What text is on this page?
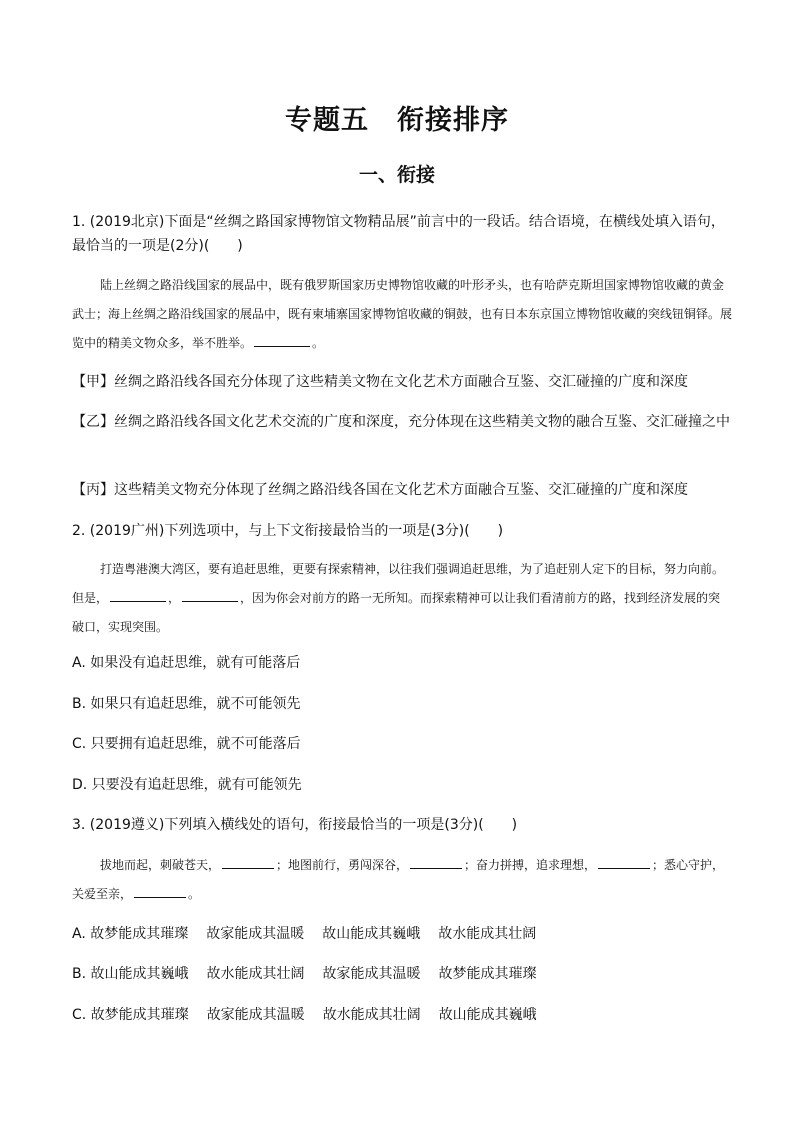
专题五　衔接排序
一、衔接
1. (2019北京)下面是“丝绸之路国家博物馆文物精品展”前言中的一段话。结合语境，在横线处填入语句，最恰当的一项是(2分)(　　)
陆上丝绸之路沿线国家的展品中，既有俄罗斯国家历史博物馆收藏的叶形矛头，也有哈萨克斯坦国家博物馆收藏的黄金武士；海上丝绸之路沿线国家的展品中，既有柬埔寨国家博物馆收藏的铜鼓，也有日本东京国立博物馆收藏的突线钮铜铎。展览中的精美文物众多，举不胜举。	。
【甲】丝绸之路沿线各国充分体现了这些精美文物在文化艺术方面融合互鉴、交汇碰撞的广度和深度
【乙】丝绸之路沿线各国文化艺术交流的广度和深度，充分体现在这些精美文物的融合互鉴、交汇碰撞之中
【丙】这些精美文物充分体现了丝绸之路沿线各国在文化艺术方面融合互鉴、交汇碰撞的广度和深度
2. (2019广州)下列选项中，与上下文衔接最恰当的一项是(3分)(　　)
打造粤港澳大湾区，要有追赶思维，更要有探索精神，以往我们强调追赶思维，为了追赶别人定下的目标，努力向前。但是，	，	，因为你会对前方的路一无所知。而探索精神可以让我们看清前方的路，找到经济发展的突破口，实现突围。
A. 如果没有追赶思维，就有可能落后
B. 如果只有追赶思维，就不可能领先
C. 只要拥有追赶思维，就不可能落后
D. 只要没有追赶思维，就有可能领先
3. (2019遵义)下列填入横线处的语句，衔接最恰当的一项是(3分)(　　)
拔地而起，刺破苍天，	；地图前行，勇闯深谷，	；奋力拼搏，追求理想，	；悉心守护，关爱至亲，	。
A. 故梦能成其璀璨 故家能成其温暖 故山能成其巍峨 故水能成其壮阔
B. 故山能成其巍峨 故水能成其壮阔 故家能成其温暖 故梦能成其璀璨
C. 故梦能成其璀璨 故家能成其温暖 故水能成其壮阔 故山能成其巍峨
